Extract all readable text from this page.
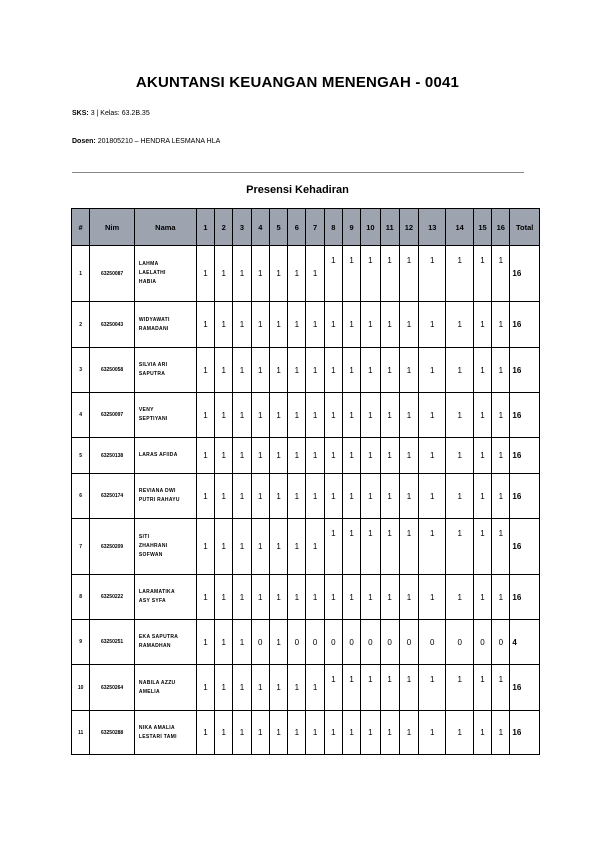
AKUNTANSI KEUANGAN MENENGAH - 0041
SKS: 3 | Kelas: 63.2B.35
Dosen: 201805210 – HENDRA LESMANA HLA
Presensi Kehadiran
#	Nim	Nama	1	2	3	4	5	6	7	8	9	10	11	12	13	14	15	16	Total
1	63250087	LAHMA
LAELATHI
HABIA	1	1	1	1	1	1	1	1	1	1	1	1	1	1	1	1	16
2	63250043	WIDYAWATI
RAMADANI	1	1	1	1	1	1	1	1	1	1	1	1	1	1	1	1	16
3	63250058	SILVIA ARI
SAPUTRA	1	1	1	1	1	1	1	1	1	1	1	1	1	1	1	1	16
4	63250097	VENY
SEPTIYANI	1	1	1	1	1	1	1	1	1	1	1	1	1	1	1	1	16
5	63250138	LARAS AFIIDA	1	1	1	1	1	1	1	1	1	1	1	1	1	1	1	1	16
6	63250174	REVIANA DWI
PUTRI RAHAYU	1	1	1	1	1	1	1	1	1	1	1	1	1	1	1	1	16
7	63250209	SITI
ZHAHRANI
SOFWAN	1	1	1	1	1	1	1	1	1	1	1	1	1	1	1	1	16
8	63250222	LARAMATIKA
ASY SYFA	1	1	1	1	1	1	1	1	1	1	1	1	1	1	1	1	16
9	63250251	EKA SAPUTRA
RAMADHAN	1	1	1	0	1	0	0	0	0	0	0	0	0	0	0	0	4
10	63250264	NABILA AZZU
AMELIA	1	1	1	1	1	1	1	1	1	1	1	1	1	1	1	1	16
11	63250288	NIKA AMALIA
LESTARI TAMI	1	1	1	1	1	1	1	1	1	1	1	1	1	1	1	1	16
